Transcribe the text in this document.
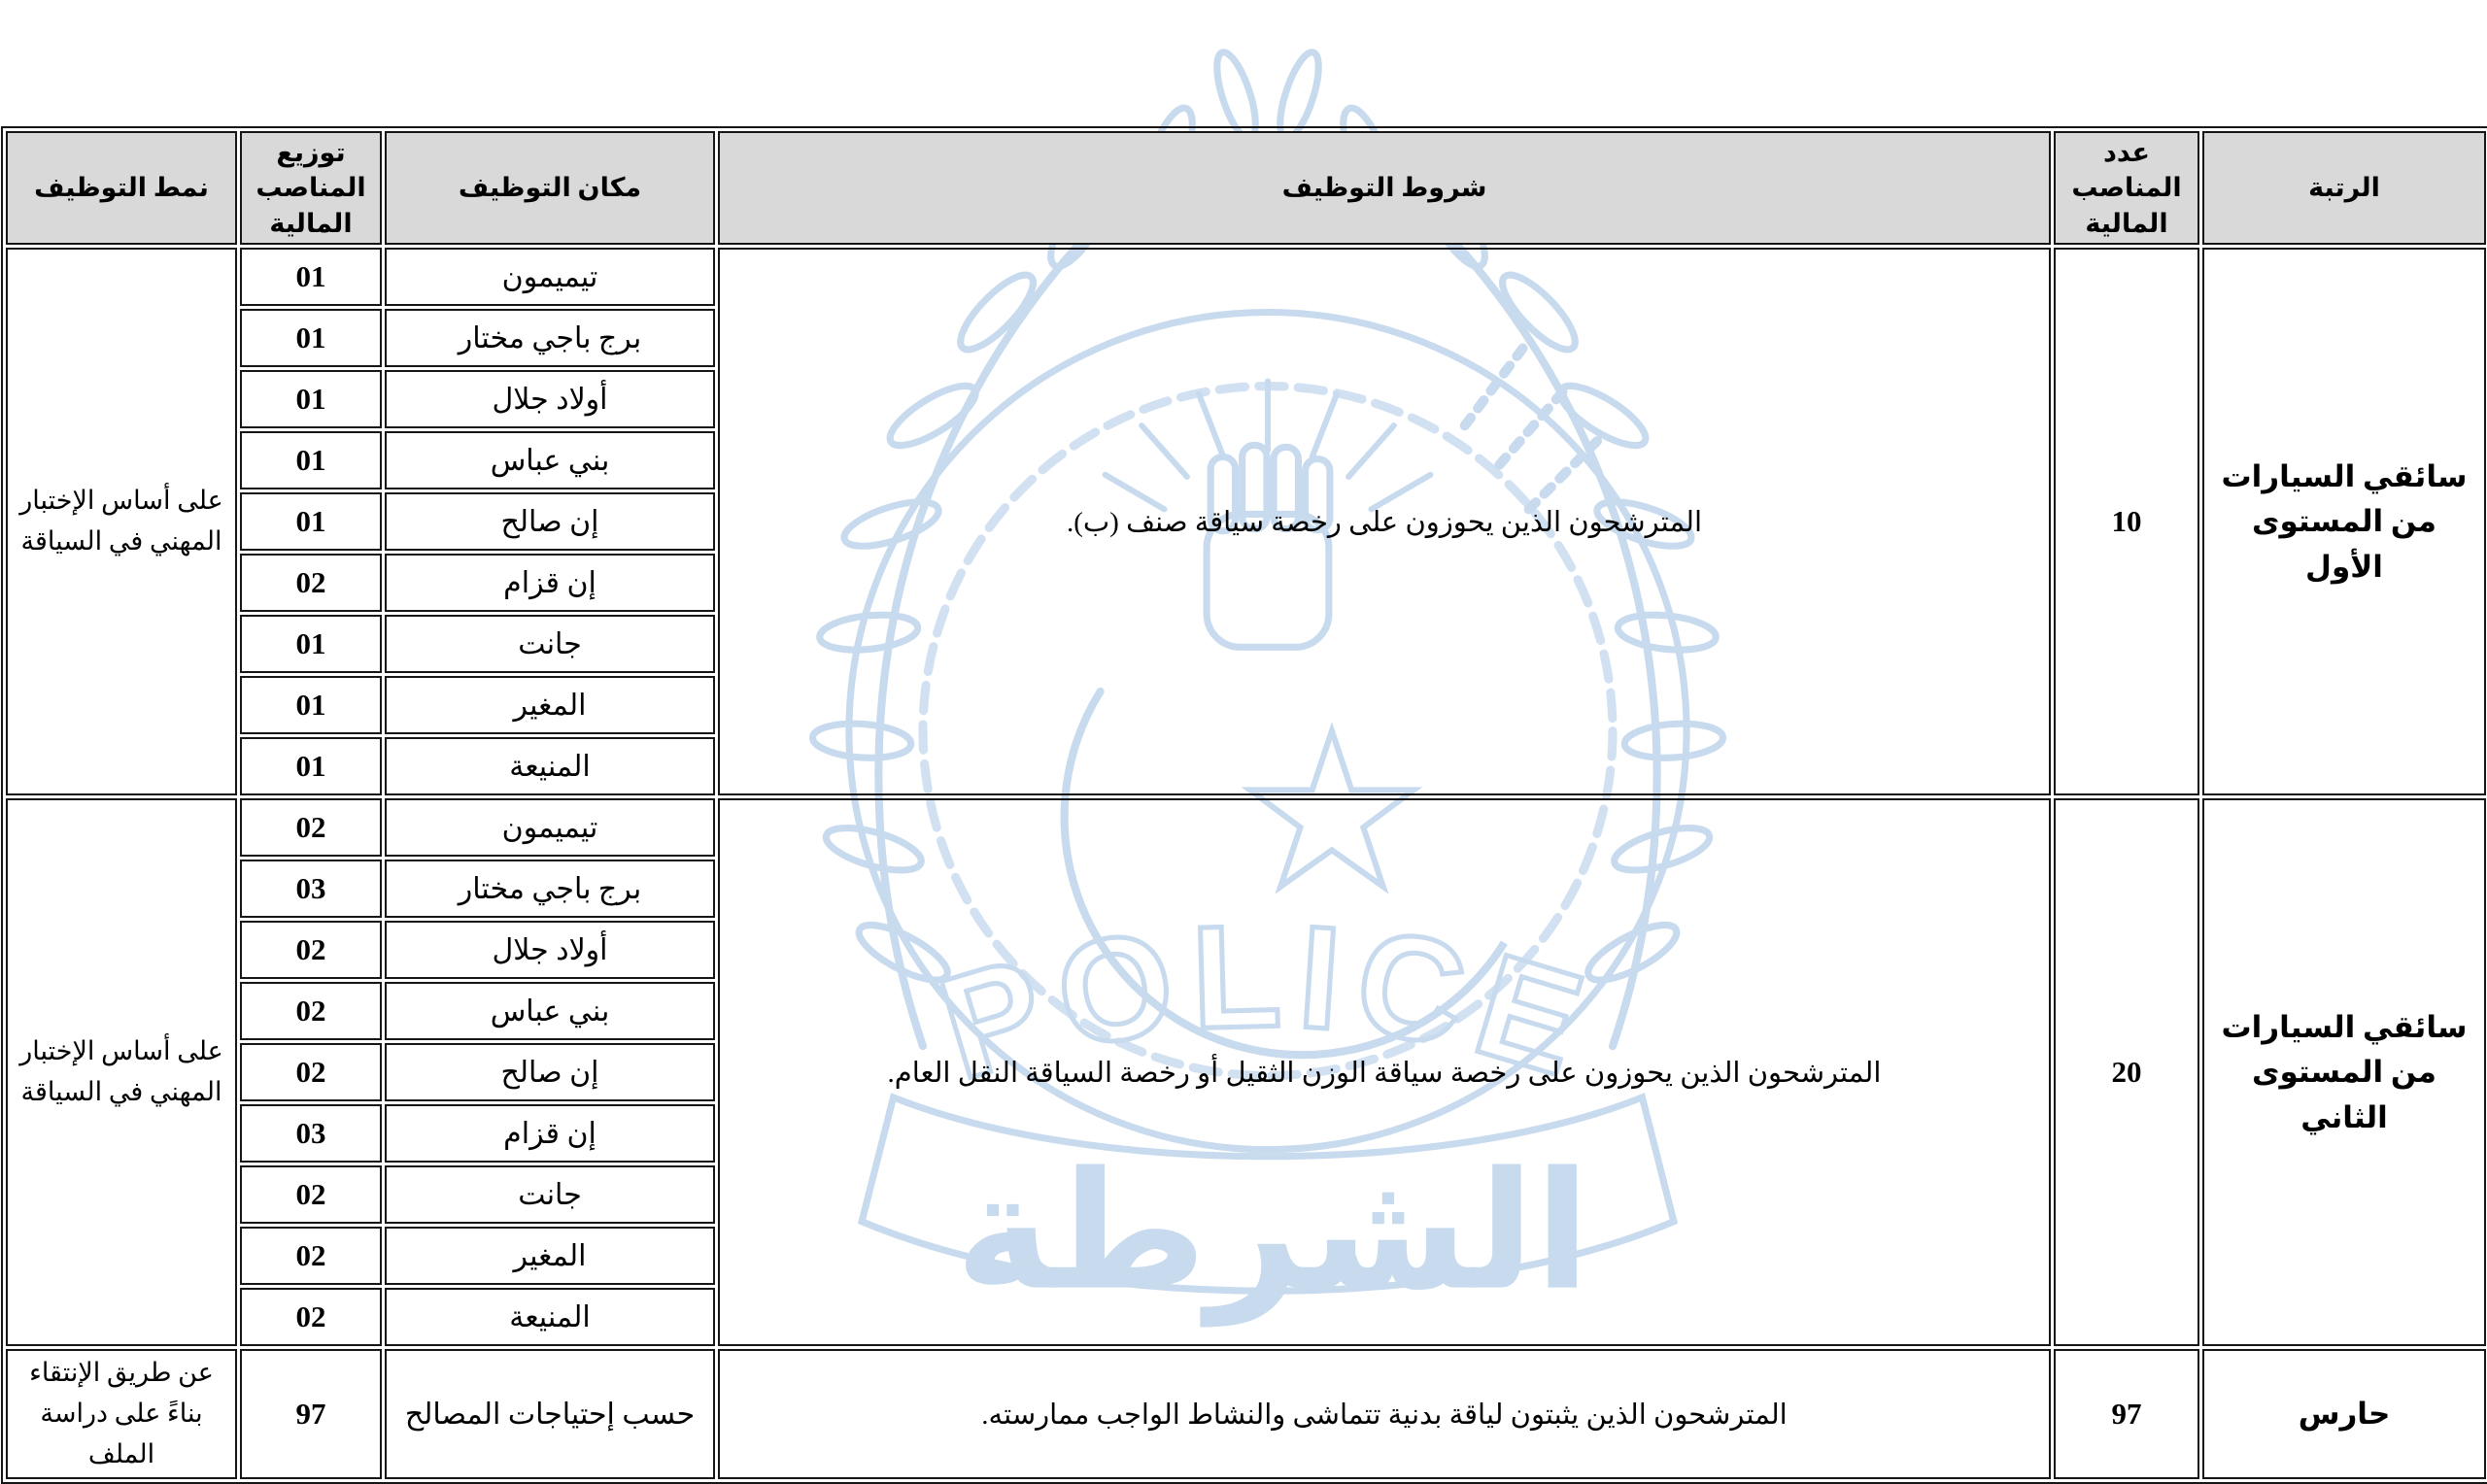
POLICE
الشرطة
الرتبة	عدد المناصب المالية	شروط التوظيف	مكان التوظيف	توزيع المناصب المالية	نمط التوظيف
سائقي السيارات من المستوى الأول	10	المترشحون الذين يحوزون على رخصة سياقة صنف (ب).	تيميمون	01	على أساس الإختبار المهني في السياقة
			برج باجي مختار	01	
			أولاد جلال	01	
			بني عباس	01	
			إن صالح	01	
			إن قزام	02	
			جانت	01	
			المغير	01	
			المنيعة	01	
سائقي السيارات من المستوى الثاني	20	المترشحون الذين يحوزون على رخصة سياقة الوزن الثقيل أو رخصة السياقة النقل العام.	تيميمون	02	على أساس الإختبار المهني في السياقة
			برج باجي مختار	03	
			أولاد جلال	02	
			بني عباس	02	
			إن صالح	02	
			إن قزام	03	
			جانت	02	
			المغير	02	
			المنيعة	02	
حارس	97	المترشحون الذين يثبتون لياقة بدنية تتماشى والنشاط الواجب ممارسته.	حسب إحتياجات المصالح	97	عن طريق الإنتقاء بناءً على دراسة الملف
